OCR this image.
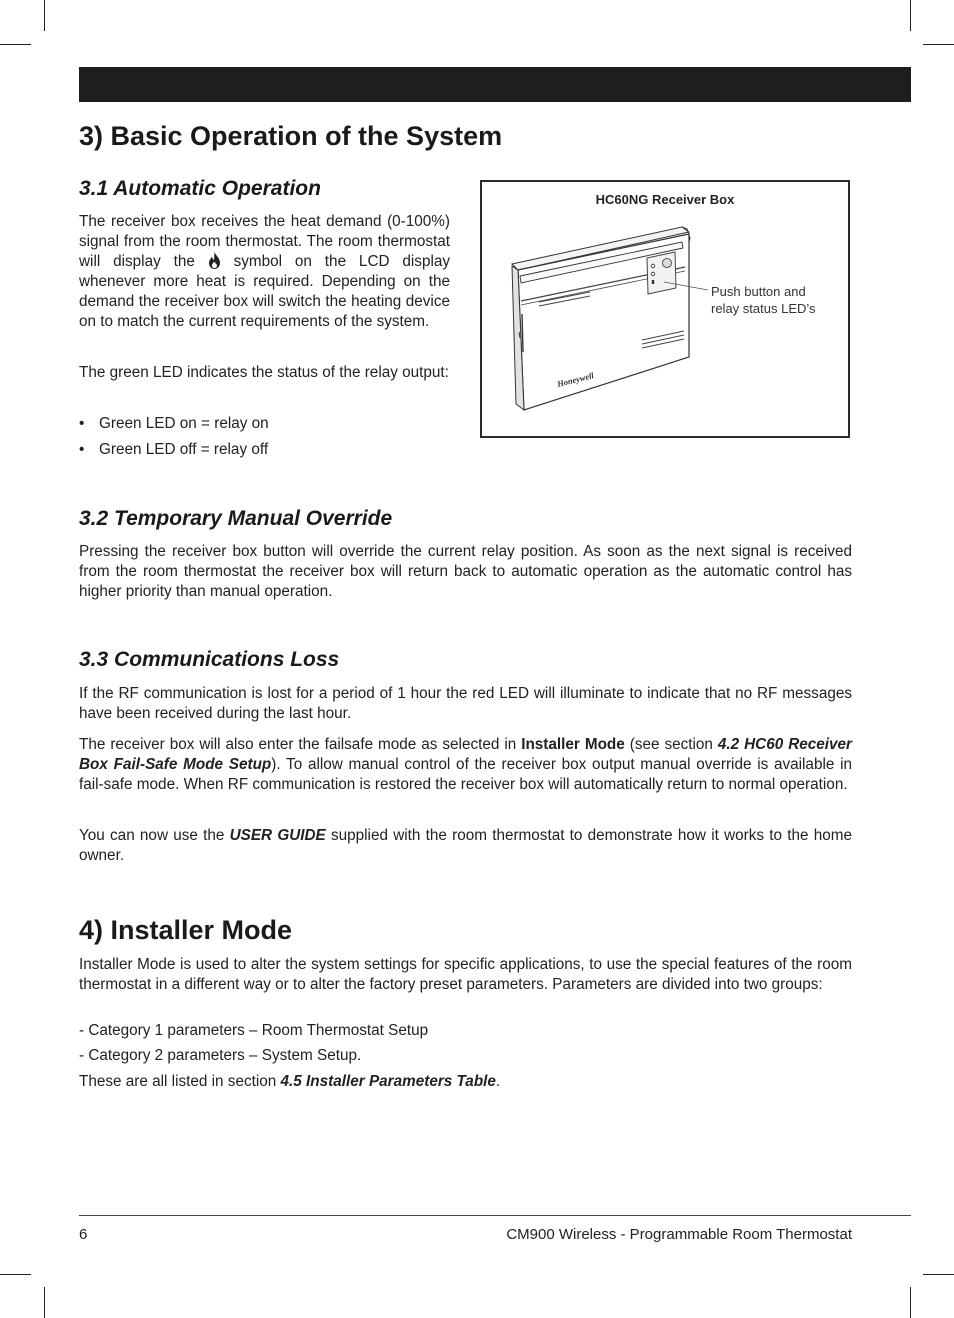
3) Basic Operation of the System
3.1 Automatic Operation

The receiver box receives the heat demand (0-100%) signal from the room thermostat. The room thermostat will display the	symbol on the LCD display whenever more heat is required. Depending on the demand the receiver box will switch the heating device on to match the current requirements of the system.

The green LED indicates the status of the relay output:

• Green LED on = relay on
• Green LED off = relay off
HC60NG Receiver Box
Honeywell
Push button and
relay status LED’s
3.2 Temporary Manual Override

Pressing the receiver box button will override the current relay position. As soon as the next signal is received from the room thermostat the receiver box will return back to automatic operation as the automatic control has higher priority than manual operation.

3.3 Communications Loss

If the RF communication is lost for a period of 1 hour the red LED will illuminate to indicate that no RF messages have been received during the last hour.

The receiver box will also enter the failsafe mode as selected in Installer Mode (see section 4.2 HC60 Receiver Box Fail-Safe Mode Setup). To allow manual control of the receiver box output manual override is available in fail-safe mode. When RF communication is restored the receiver box will automatically return to normal operation.

You can now use the USER GUIDE supplied with the room thermostat to demonstrate how it works to the home owner.

4) Installer Mode

Installer Mode is used to alter the system settings for specific applications, to use the special features of the room thermostat in a different way or to alter the factory preset parameters. Parameters are divided into two groups:

- Category 1 parameters – Room Thermostat Setup

- Category 2 parameters – System Setup.

These are all listed in section 4.5 Installer Parameters Table.

6	CM900 Wireless - Programmable Room Thermostat
